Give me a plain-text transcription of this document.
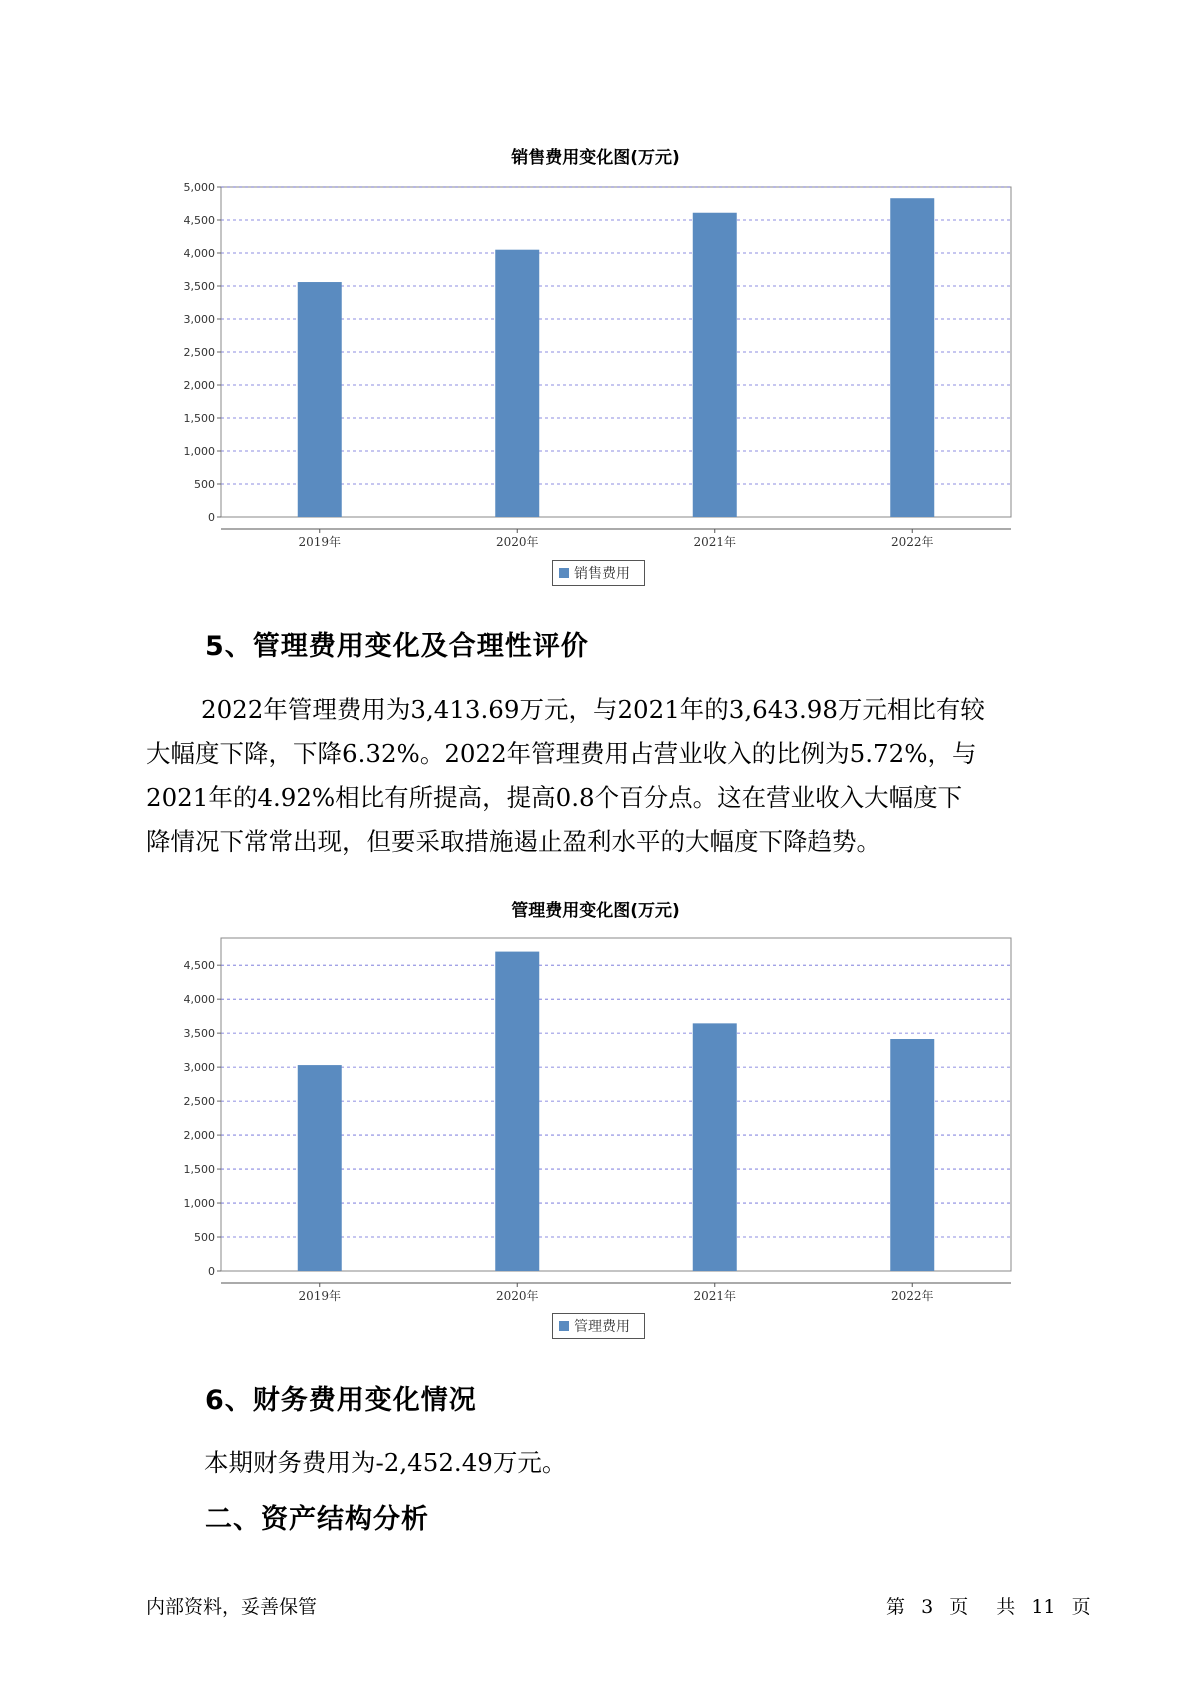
销售费用变化图(万元)
0
500
1,000
1,500
2,000
2,500
3,000
3,500
4,000
4,500
5,000
2019年	2020年	2021年	2022年
销售费用
5、管理费用变化及合理性评价
2022年管理费用为3,413.69万元，与2021年的3,643.98万元相比有较
大幅度下降，下降6.32%。2022年管理费用占营业收入的比例为5.72%，与
2021年的4.92%相比有所提高，提高0.8个百分点。这在营业收入大幅度下
降情况下常常出现，但要采取措施遏止盈利水平的大幅度下降趋势。
管理费用变化图(万元)
0
500
1,000
1,500
2,000
2,500
3,000
3,500
4,000
4,500
2019年	2020年	2021年	2022年
管理费用
6、财务费用变化情况
本期财务费用为-2,452.49万元。
二、资产结构分析
内部资料，妥善保管	第 3 页 共 11 页
